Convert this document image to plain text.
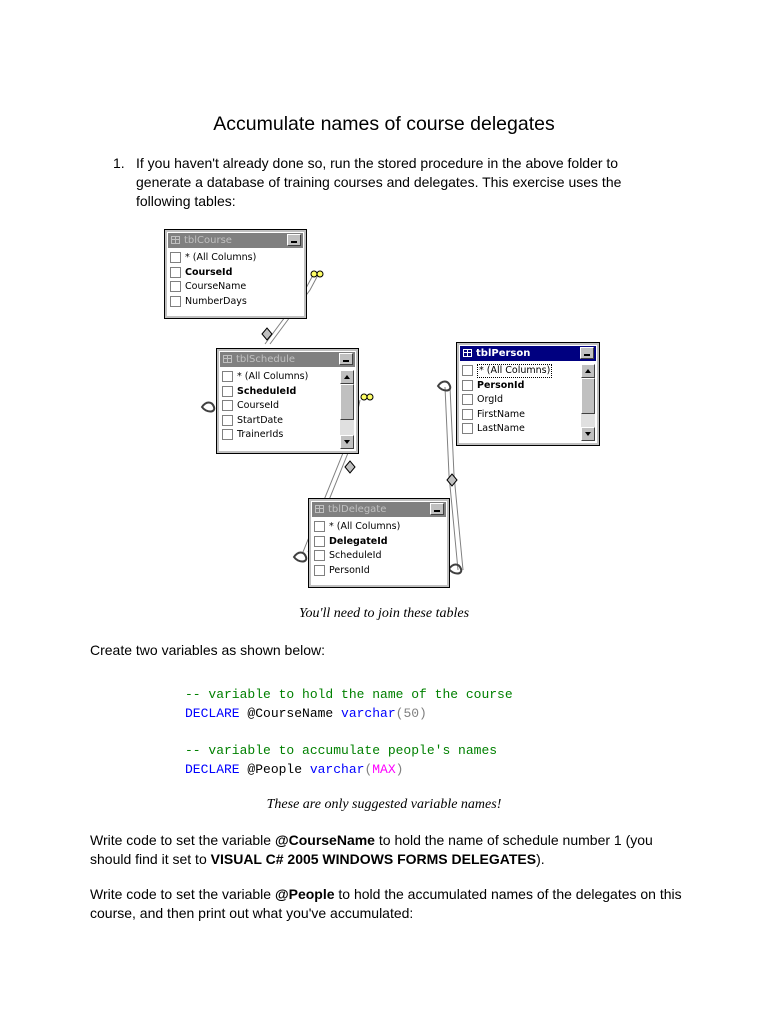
Accumulate names of course delegates
1. If you haven't already done so, run the stored procedure in the above folder to generate a database of training courses and delegates. This exercise uses the following tables:
tblCourse
* (All Columns)
CourseId
CourseName
NumberDays
tblSchedule
* (All Columns)
ScheduleId
CourseId
StartDate
TrainerIds
tblPerson
* (All Columns)
PersonId
OrgId
FirstName
LastName
tblDelegate
* (All Columns)
DelegateId
ScheduleId
PersonId
You'll need to join these tables
Create two variables as shown below:
-- variable to hold the name of the course
DECLARE @CourseName varchar(50)
-- variable to accumulate people's names
DECLARE @People varchar(MAX)
These are only suggested variable names!
Write code to set the variable @CourseName to hold the name of schedule number 1 (you should find it set to VISUAL C# 2005 WINDOWS FORMS DELEGATES).
Write code to set the variable @People to hold the accumulated names of the delegates on this course, and then print out what you've accumulated:
